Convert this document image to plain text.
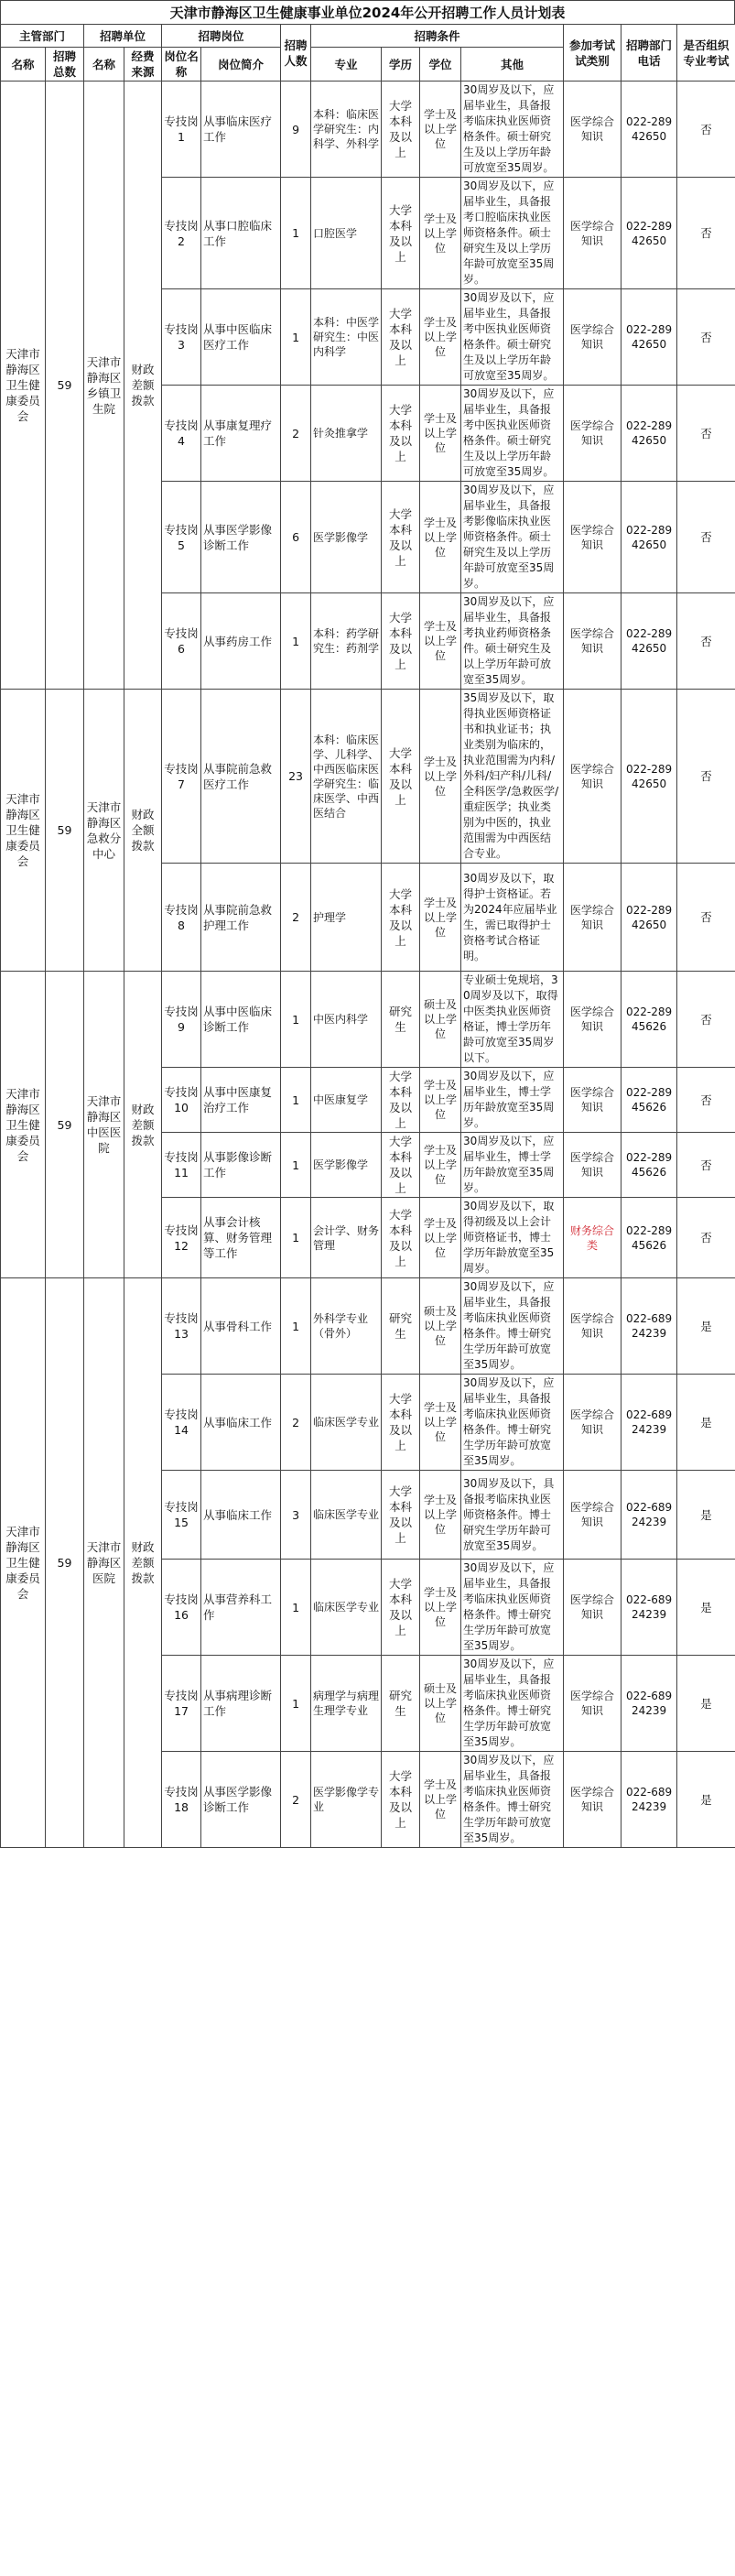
天津市静海区卫生健康事业单位2024年公开招聘工作人员计划表
主管部门		招聘单位		招聘岗位		招聘人数	招聘条件				参加考试试类别	招聘部门电话	是否组织专业考试
名称	招聘总数	名称	经费来源	岗位名称	岗位简介		专业	学历	学位	其他			
天津市静海区卫生健康委员会	59	天津市静海区乡镇卫生院	财政差额拨款	专技岗1	从事临床医疗工作	9	本科：临床医学研究生：内科学、外科学	大学本科及以上	学士及以上学位	30周岁及以下，应届毕业生，具备报考临床执业医师资格条件。硕士研究生及以上学历年龄可放宽至35周岁。	医学综合知识	022-28942650	否
				专技岗2	从事口腔临床工作	1	口腔医学	大学本科及以上	学士及以上学位	30周岁及以下，应届毕业生，具备报考口腔临床执业医师资格条件。硕士研究生及以上学历年龄可放宽至35周岁。	医学综合知识	022-28942650	否
				专技岗3	从事中医临床医疗工作	1	本科：中医学研究生：中医内科学	大学本科及以上	学士及以上学位	30周岁及以下，应届毕业生，具备报考中医执业医师资格条件。硕士研究生及以上学历年龄可放宽至35周岁。	医学综合知识	022-28942650	否
				专技岗4	从事康复理疗工作	2	针灸推拿学	大学本科及以上	学士及以上学位	30周岁及以下，应届毕业生，具备报考中医执业医师资格条件。硕士研究生及以上学历年龄可放宽至35周岁。	医学综合知识	022-28942650	否
				专技岗5	从事医学影像诊断工作	6	医学影像学	大学本科及以上	学士及以上学位	30周岁及以下，应届毕业生，具备报考影像临床执业医师资格条件。硕士研究生及以上学历年龄可放宽至35周岁。	医学综合知识	022-28942650	否
				专技岗6	从事药房工作	1	本科：药学研究生：药剂学	大学本科及以上	学士及以上学位	30周岁及以下，应届毕业生，具备报考执业药师资格条件。硕士研究生及以上学历年龄可放宽至35周岁。	医学综合知识	022-28942650	否
天津市静海区卫生健康委员会	59	天津市静海区急救分中心	财政全额拨款	专技岗7	从事院前急救医疗工作	23	本科：临床医学、儿科学、中西医临床医学研究生：临床医学、中西医结合	大学本科及以上	学士及以上学位	35周岁及以下，取得执业医师资格证书和执业证书；执业类别为临床的，执业范围需为内科/外科/妇产科/儿科/全科医学/急救医学/重症医学；执业类别为中医的，执业范围需为中西医结合专业。	医学综合知识	022-28942650	否
				专技岗8	从事院前急救护理工作	2	护理学	大学本科及以上	学士及以上学位	30周岁及以下，取得护士资格证。若为2024年应届毕业生，需已取得护士资格考试合格证明。	医学综合知识	022-28942650	否
天津市静海区卫生健康委员会	59	天津市静海区中医医院	财政差额拨款	专技岗9	从事中医临床诊断工作	1	中医内科学	研究生	硕士及以上学位	专业硕士免规培，30周岁及以下，取得中医类执业医师资格证，博士学历年龄可放宽至35周岁以下。	医学综合知识	022-28945626	否
				专技岗10	从事中医康复治疗工作	1	中医康复学	大学本科及以上	学士及以上学位	30周岁及以下，应届毕业生，博士学历年龄放宽至35周岁。	医学综合知识	022-28945626	否
				专技岗11	从事影像诊断工作	1	医学影像学	大学本科及以上	学士及以上学位	30周岁及以下，应届毕业生，博士学历年龄放宽至35周岁。	医学综合知识	022-28945626	否
				专技岗12	从事会计核算、财务管理等工作	1	会计学、财务管理	大学本科及以上	学士及以上学位	30周岁及以下，取得初级及以上会计师资格证书，博士学历年龄放宽至35周岁。	财务综合类	022-28945626	否
天津市静海区卫生健康委员会	59	天津市静海区医院	财政差额拨款	专技岗13	从事骨科工作	1	外科学专业（骨外）	研究生	硕士及以上学位	30周岁及以下，应届毕业生，具备报考临床执业医师资格条件。博士研究生学历年龄可放宽至35周岁。	医学综合知识	022-68924239	是
				专技岗14	从事临床工作	2	临床医学专业	大学本科及以上	学士及以上学位	30周岁及以下，应届毕业生，具备报考临床执业医师资格条件。博士研究生学历年龄可放宽至35周岁。	医学综合知识	022-68924239	是
				专技岗15	从事临床工作	3	临床医学专业	大学本科及以上	学士及以上学位	30周岁及以下，具备报考临床执业医师资格条件。博士研究生学历年龄可放宽至35周岁。	医学综合知识	022-68924239	是
				专技岗16	从事营养科工作	1	临床医学专业	大学本科及以上	学士及以上学位	30周岁及以下，应届毕业生，具备报考临床执业医师资格条件。博士研究生学历年龄可放宽至35周岁。	医学综合知识	022-68924239	是
				专技岗17	从事病理诊断工作	1	病理学与病理生理学专业	研究生	硕士及以上学位	30周岁及以下，应届毕业生，具备报考临床执业医师资格条件。博士研究生学历年龄可放宽至35周岁。	医学综合知识	022-68924239	是
				专技岗18	从事医学影像诊断工作	2	医学影像学专业	大学本科及以上	学士及以上学位	30周岁及以下，应届毕业生，具备报考临床执业医师资格条件。博士研究生学历年龄可放宽至35周岁。	医学综合知识	022-68924239	是
